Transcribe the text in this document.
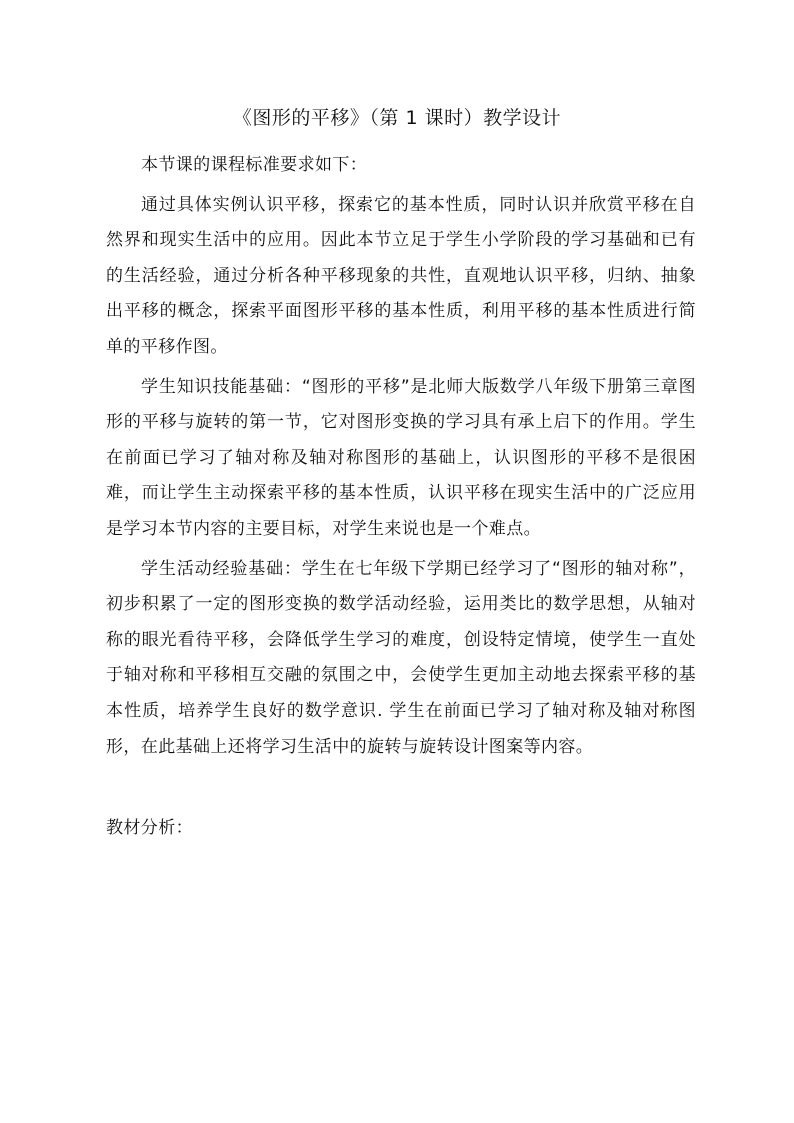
《图形的平移》（第 1 课时）教学设计

本节课的课程标准要求如下：

通过具体实例认识平移，探索它的基本性质，同时认识并欣赏平移在自然界和现实生活中的应用。因此本节立足于学生小学阶段的学习基础和已有的生活经验，通过分析各种平移现象的共性，直观地认识平移，归纳、抽象出平移的概念，探索平面图形平移的基本性质，利用平移的基本性质进行简单的平移作图。

学生知识技能基础：“图形的平移”是北师大版数学八年级下册第三章图形的平移与旋转的第一节，它对图形变换的学习具有承上启下的作用。学生在前面已学习了轴对称及轴对称图形的基础上，认识图形的平移不是很困难，而让学生主动探索平移的基本性质，认识平移在现实生活中的广泛应用是学习本节内容的主要目标，对学生来说也是一个难点。

学生活动经验基础：学生在七年级下学期已经学习了“图形的轴对称”，初步积累了一定的图形变换的数学活动经验，运用类比的数学思想，从轴对称的眼光看待平移，会降低学生学习的难度，创设特定情境，使学生一直处于轴对称和平移相互交融的氛围之中，会使学生更加主动地去探索平移的基本性质，培养学生良好的数学意识. 学生在前面已学习了轴对称及轴对称图形，在此基础上还将学习生活中的旋转与旋转设计图案等内容。

教材分析：
